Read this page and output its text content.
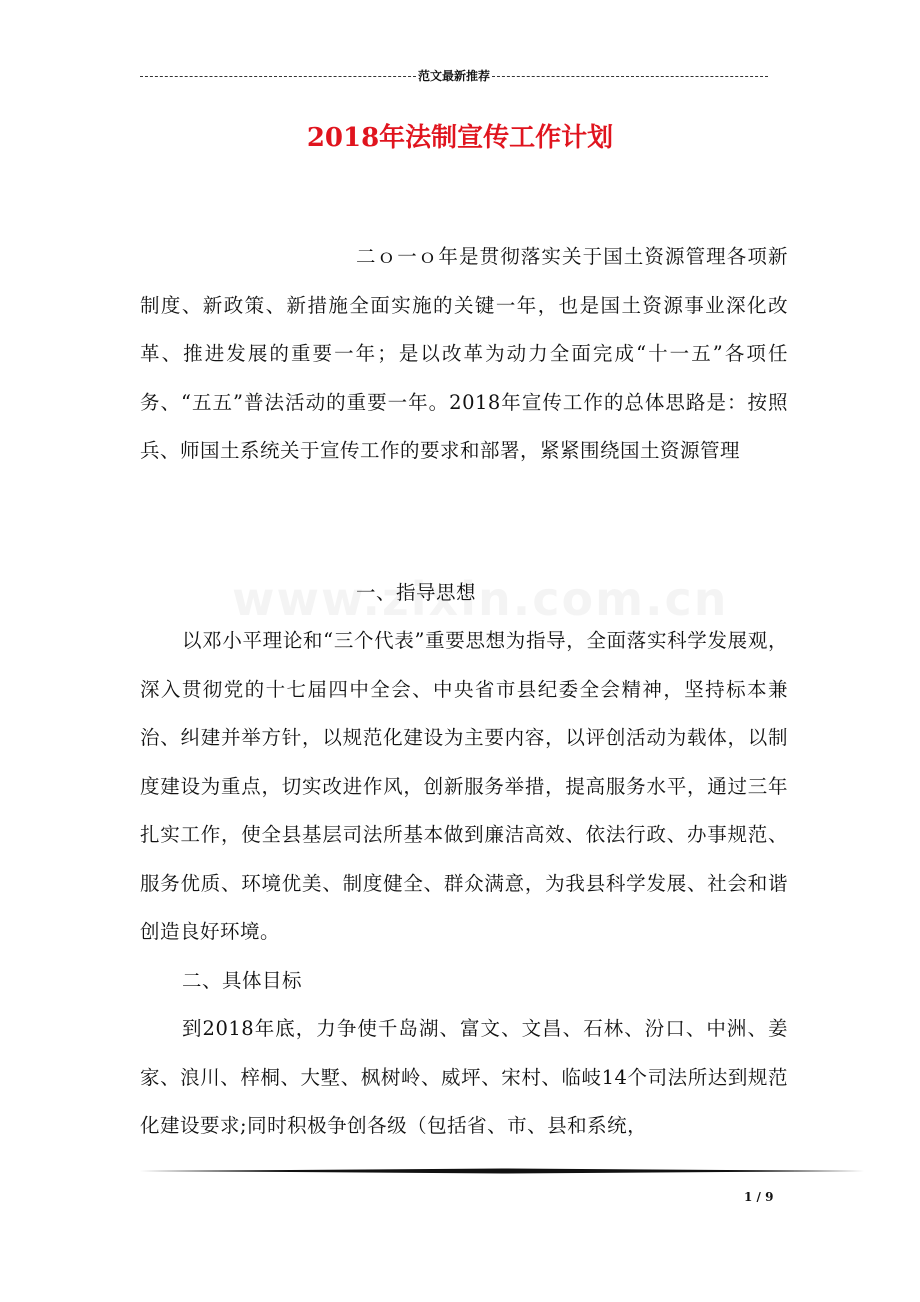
范文最新推荐
2018年法制宣传工作计划
二ｏ一ｏ年是贯彻落实关于国土资源管理各项新制度、新政策、新措施全面实施的关键一年，也是国土资源事业深化改革、推进发展的重要一年；是以改革为动力全面完成“十一五”各项任务、“五五”普法活动的重要一年。2018年宣传工作的总体思路是：按照兵、师国土系统关于宣传工作的要求和部署，紧紧围绕国土资源管理
一、指导思想

以邓小平理论和“三个代表”重要思想为指导，全面落实科学发展观，深入贯彻党的十七届四中全会、中央省市县纪委全会精神，坚持标本兼治、纠建并举方针，以规范化建设为主要内容，以评创活动为载体，以制度建设为重点，切实改进作风，创新服务举措，提高服务水平，通过三年扎实工作，使全县基层司法所基本做到廉洁高效、依法行政、办事规范、服务优质、环境优美、制度健全、群众满意，为我县科学发展、社会和谐创造良好环境。

二、具体目标

到2018年底，力争使千岛湖、富文、文昌、石林、汾口、中洲、姜家、浪川、梓桐、大墅、枫树岭、威坪、宋村、临岐14个司法所达到规范化建设要求;同时积极争创各级（包括省、市、县和系统，

1 / 9
